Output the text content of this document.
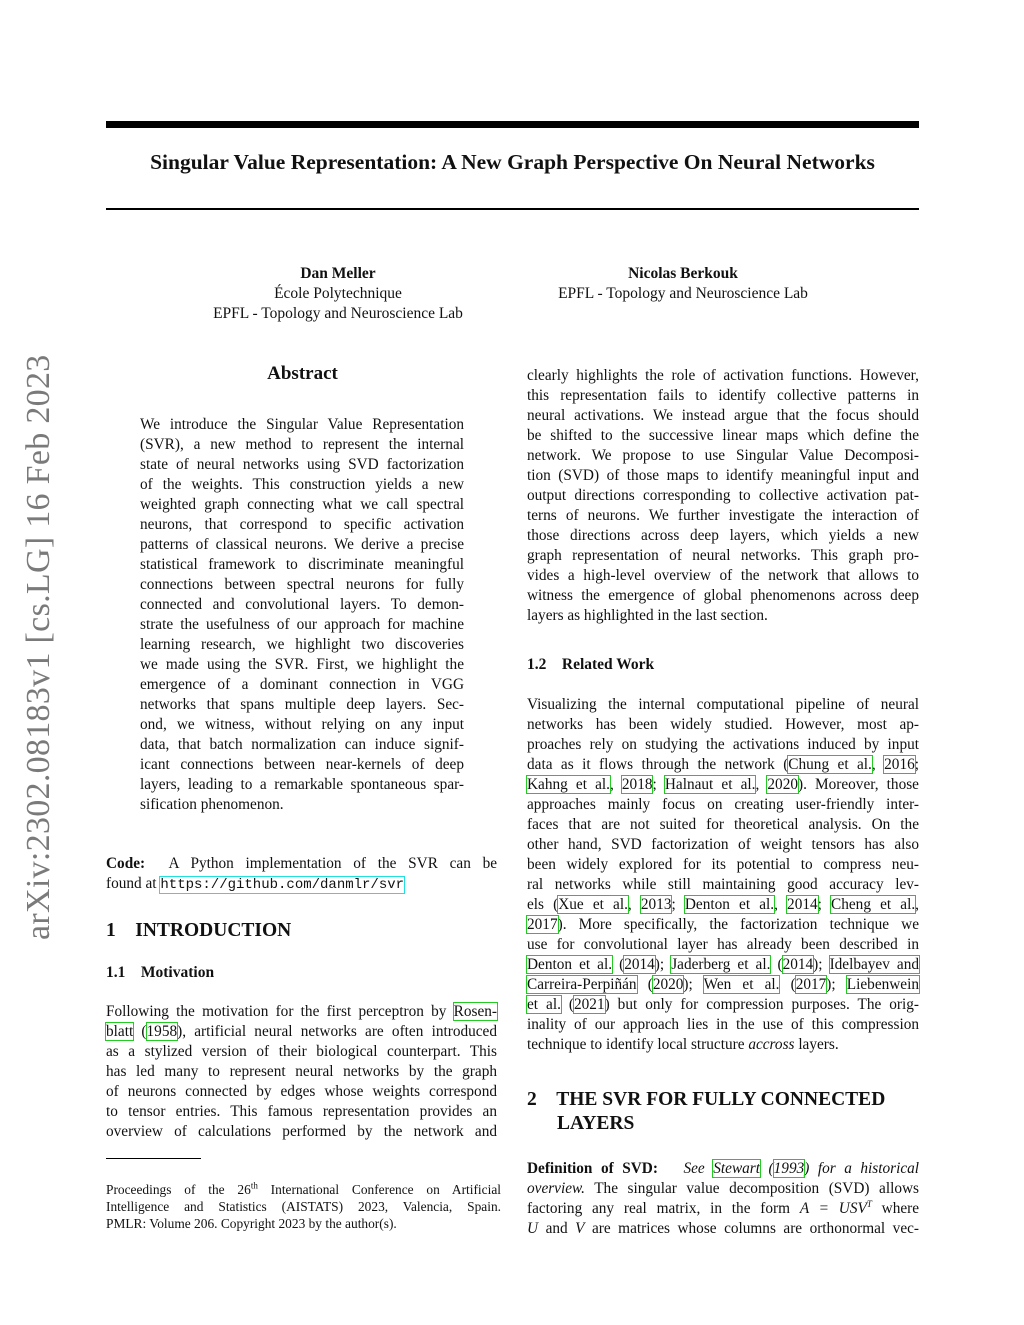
Singular Value Representation: A New Graph Perspective On Neural Networks
arXiv:2302.08183v1 [cs.LG] 16 Feb 2023
Dan Meller
École Polytechnique
EPFL - Topology and Neuroscience Lab
Nicolas Berkouk
EPFL - Topology and Neuroscience Lab
Abstract
We introduce the Singular Value Representation
(SVR), a new method to represent the internal
state of neural networks using SVD factorization
of the weights. This construction yields a new
weighted graph connecting what we call spectral
neurons, that correspond to specific activation
patterns of classical neurons. We derive a precise
statistical framework to discriminate meaningful
connections between spectral neurons for fully
connected and convolutional layers. To demon-
strate the usefulness of our approach for machine
learning research, we highlight two discoveries
we made using the SVR. First, we highlight the
emergence of a dominant connection in VGG
networks that spans multiple deep layers. Sec-
ond, we witness, without relying on any input
data, that batch normalization can induce signif-
icant connections between near-kernels of deep
layers, leading to a remarkable spontaneous spar-
sification phenomenon.
Code: A Python implementation of the SVR can be
found at https://github.com/danmlr/svr
1 INTRODUCTION
1.1 Motivation
Following the motivation for the first perceptron by Rosen-
blatt (1958), artificial neural networks are often introduced
as a stylized version of their biological counterpart. This
has led many to represent neural networks by the graph
of neurons connected by edges whose weights correspond
to tensor entries. This famous representation provides an
overview of calculations performed by the network and
Proceedings of the 26th International Conference on Artificial
Intelligence and Statistics (AISTATS) 2023, Valencia, Spain.
PMLR: Volume 206. Copyright 2023 by the author(s).
clearly highlights the role of activation functions. However,
this representation fails to identify collective patterns in
neural activations. We instead argue that the focus should
be shifted to the successive linear maps which define the
network. We propose to use Singular Value Decomposi-
tion (SVD) of those maps to identify meaningful input and
output directions corresponding to collective activation pat-
terns of neurons. We further investigate the interaction of
those directions across deep layers, which yields a new
graph representation of neural networks. This graph pro-
vides a high-level overview of the network that allows to
witness the emergence of global phenomenons across deep
layers as highlighted in the last section.
1.2 Related Work
Visualizing the internal computational pipeline of neural
networks has been widely studied. However, most ap-
proaches rely on studying the activations induced by input
data as it flows through the network (Chung et al., 2016;
Kahng et al., 2018; Halnaut et al., 2020). Moreover, those
approaches mainly focus on creating user-friendly inter-
faces that are not suited for theoretical analysis. On the
other hand, SVD factorization of weight tensors has also
been widely explored for its potential to compress neu-
ral networks while still maintaining good accuracy lev-
els (Xue et al., 2013; Denton et al., 2014; Cheng et al.,
2017). More specifically, the factorization technique we
use for convolutional layer has already been described in
Denton et al. (2014); Jaderberg et al. (2014); Idelbayev and
Carreira-Perpiñán (2020); Wen et al. (2017); Liebenwein
et al. (2021) but only for compression purposes. The orig-
inality of our approach lies in the use of this compression
technique to identify local structure accross layers.
2 THE SVR FOR FULLY CONNECTED
LAYERS
Definition of SVD: See Stewart (1993) for a historical
overview. The singular value decomposition (SVD) allows
factoring any real matrix, in the form $A = USV^T$ where
U and V are matrices whose columns are orthonormal vec-
